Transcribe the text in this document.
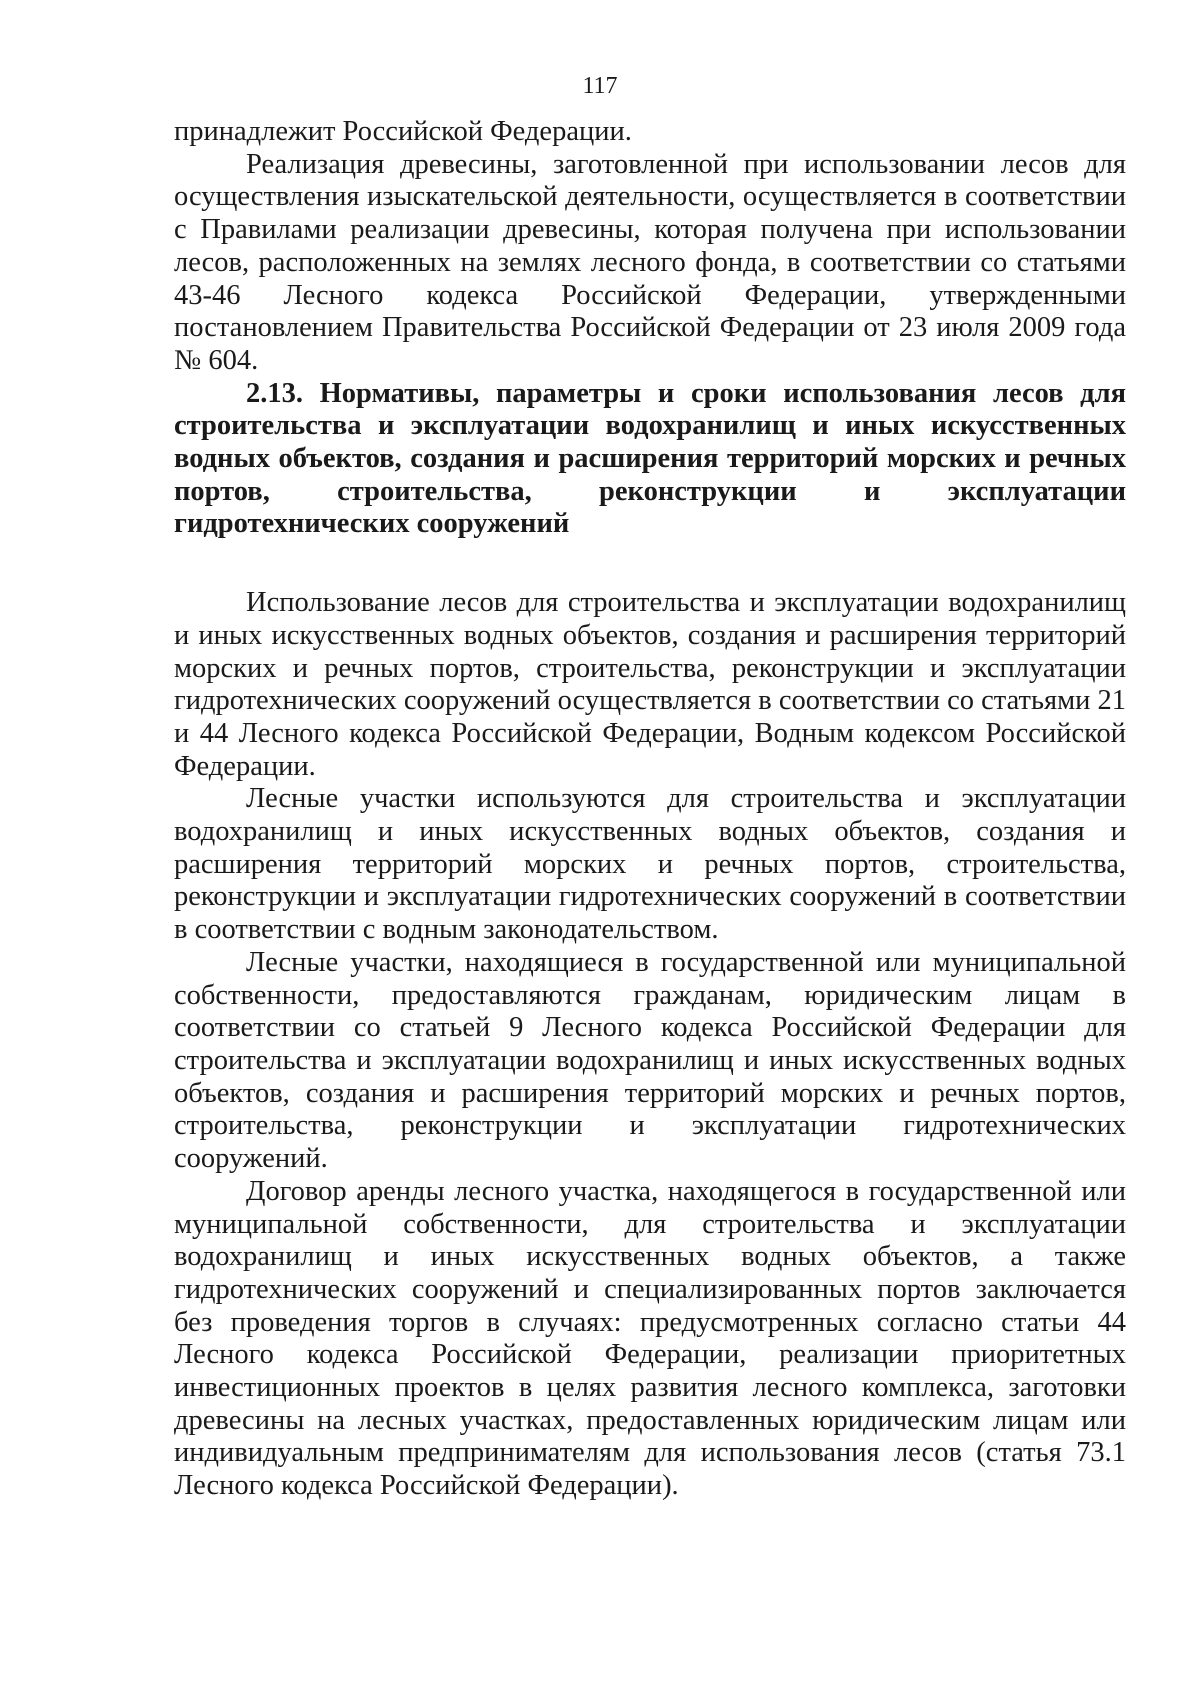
117

принадлежит Российской Федерации.

Реализация древесины, заготовленной при использовании лесов для осуществления изыскательской деятельности, осуществляется в соответствии с Правилами реализации древесины, которая получена при использовании лесов, расположенных на землях лесного фонда, в соответствии со статьями 43-46 Лесного кодекса Российской Федерации, утвержденными постановлением Правительства Российской Федерации от 23 июля 2009 года № 604.

2.13. Нормативы, параметры и сроки использования лесов для строительства и эксплуатации водохранилищ и иных искусственных водных объектов, создания и расширения территорий морских и речных портов, строительства, реконструкции и эксплуатации гидротехнических сооружений

Использование лесов для строительства и эксплуатации водохранилищ и иных искусственных водных объектов, создания и расширения территорий морских и речных портов, строительства, реконструкции и эксплуатации гидротехнических сооружений осуществляется в соответствии со статьями 21 и 44 Лесного кодекса Российской Федерации, Водным кодексом Российской Федерации.

Лесные участки используются для строительства и эксплуатации водохранилищ и иных искусственных водных объектов, создания и расширения территорий морских и речных портов, строительства, реконструкции и эксплуатации гидротехнических сооружений в соответствии в соответствии с водным законодательством.

Лесные участки, находящиеся в государственной или муниципальной собственности, предоставляются гражданам, юридическим лицам в соответствии со статьей 9 Лесного кодекса Российской Федерации для строительства и эксплуатации водохранилищ и иных искусственных водных объектов, создания и расширения территорий морских и речных портов, строительства, реконструкции и эксплуатации гидротехнических сооружений.

Договор аренды лесного участка, находящегося в государственной или муниципальной собственности, для строительства и эксплуатации водохранилищ и иных искусственных водных объектов, а также гидротехнических сооружений и специализированных портов заключается без проведения торгов в случаях: предусмотренных согласно статьи 44 Лесного кодекса Российской Федерации, реализации приоритетных инвестиционных проектов в целях развития лесного комплекса, заготовки древесины на лесных участках, предоставленных юридическим лицам или индивидуальным предпринимателям для использования лесов (статья 73.1 Лесного кодекса Российской Федерации).
